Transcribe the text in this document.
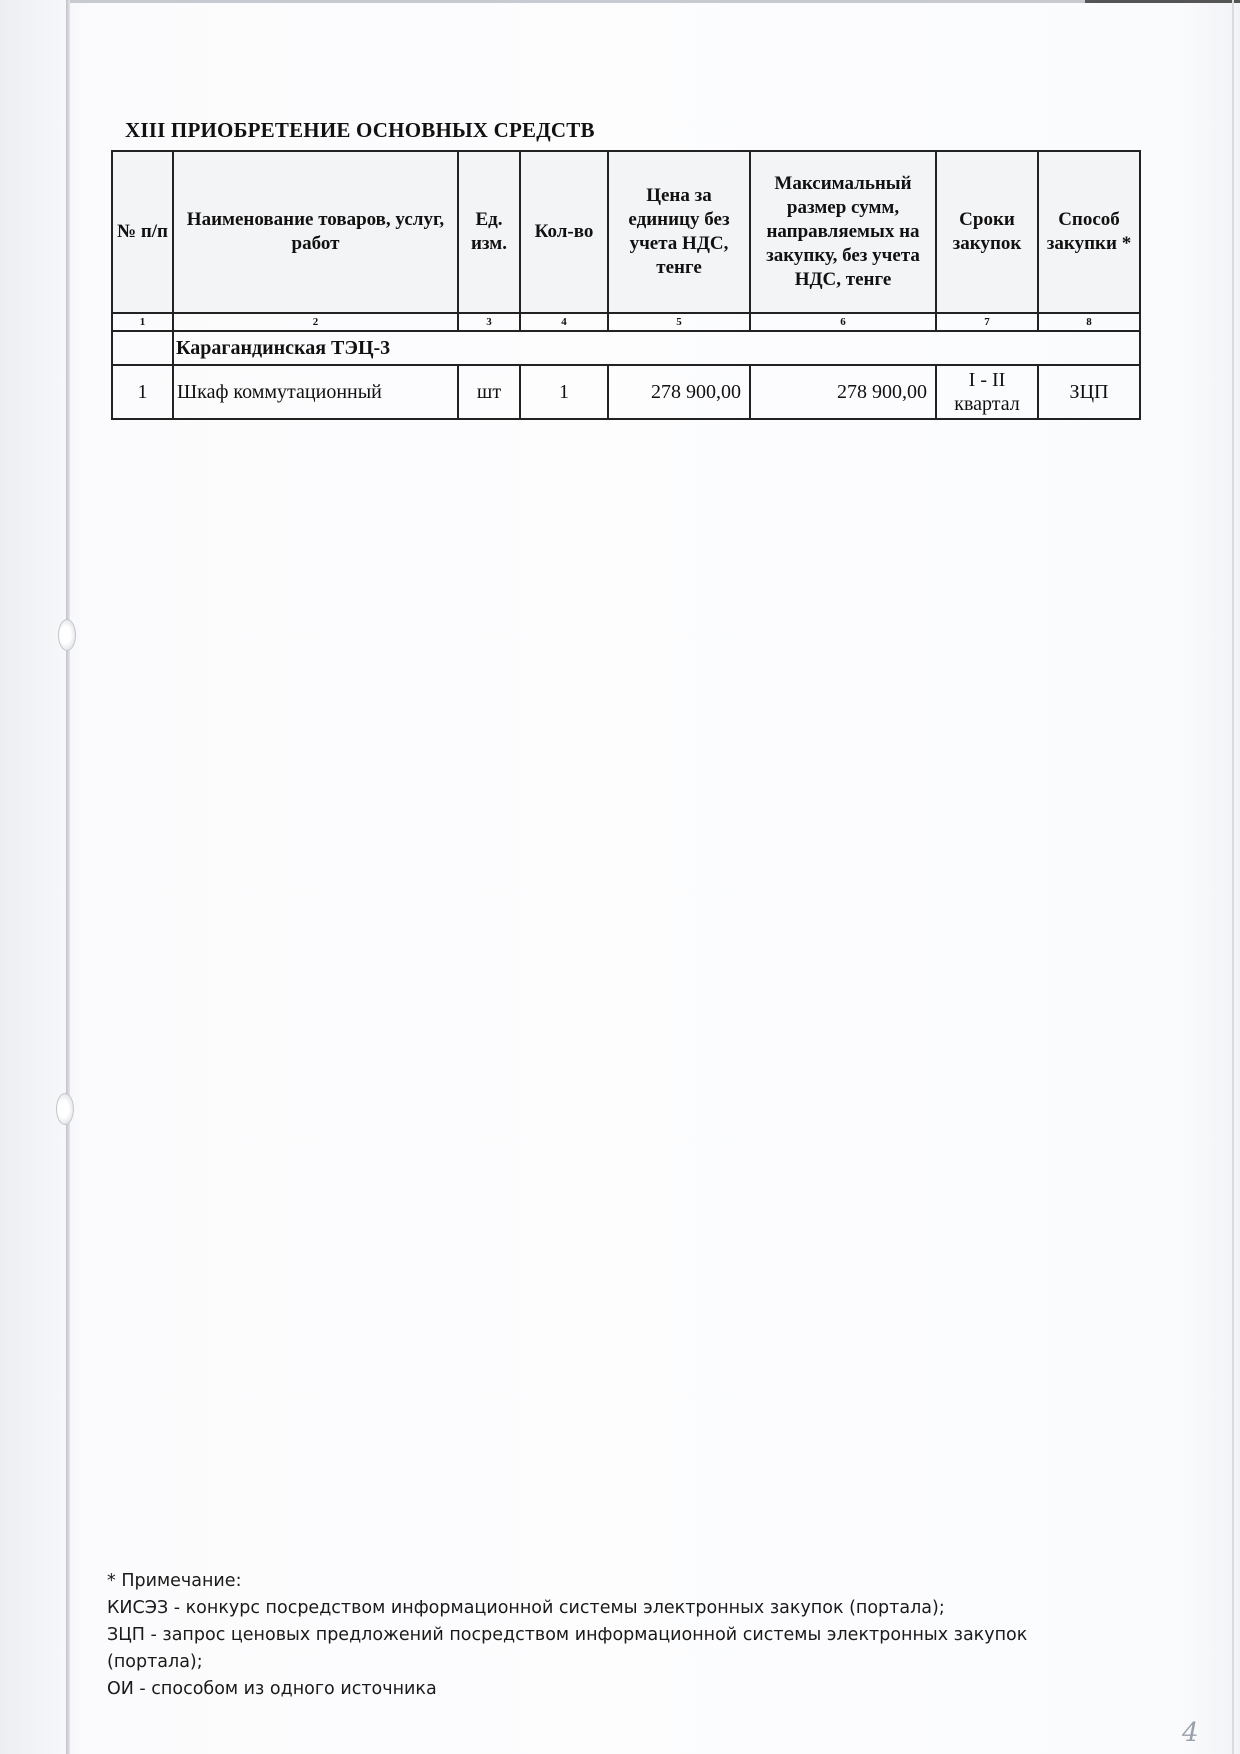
XIII ПРИОБРЕТЕНИЕ ОСНОВНЫХ СРЕДСТВ
№ п/п	Наименование товаров, услуг, работ	Ед. изм.	Кол-во	Цена за единицу без учета НДС, тенге	Максимальный размер сумм, направляемых на закупку, без учета НДС, тенге	Сроки закупок	Способ закупки *
1	2	3	4	5	6	7	8
	Карагандинская ТЭЦ-3						
1	Шкаф коммутационный	шт	1	278 900,00	278 900,00	I - II квартал	ЗЦП
* Примечание:
КИСЭЗ - конкурс посредством информационной системы электронных закупок (портала);
ЗЦП - запрос ценовых предложений посредством информационной системы электронных закупок
(портала);
ОИ - способом из одного источника
4
